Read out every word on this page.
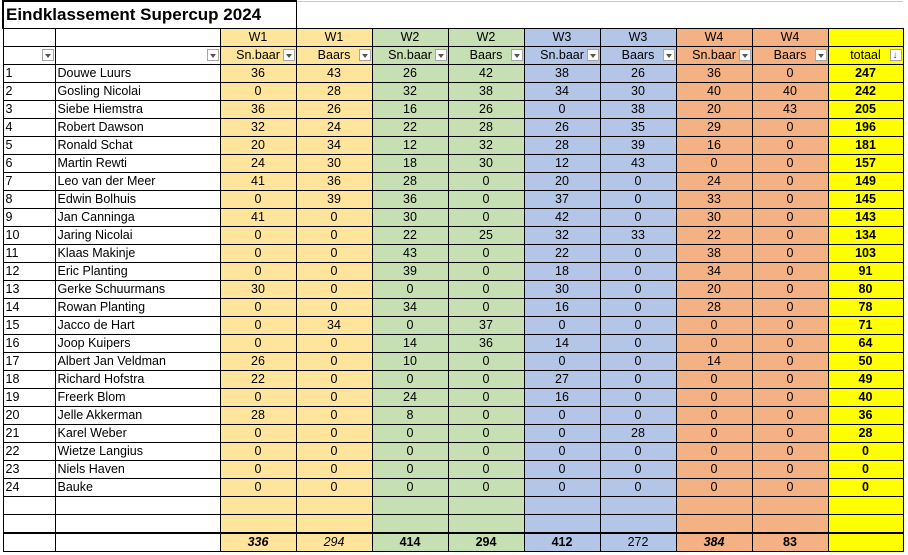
Eindklassement Supercup 2024										
		W1	W1	W2	W2	W3	W3	W4	W4	

	Sn.baar	Baars	Sn.baar	Baars	Sn.baar	Baars	Sn.baar	Baars	totaal
↓

1	Douwe Luurs	36	43	26	42	38	26	36	0	247
2	Gosling Nicolai	0	28	32	38	34	30	40	40	242
3	Siebe Hiemstra	36	26	16	26	0	38	20	43	205
4	Robert Dawson	32	24	22	28	26	35	29	0	196
5	Ronald Schat	20	34	12	32	28	39	16	0	181
6	Martin Rewti	24	30	18	30	12	43	0	0	157
7	Leo van der Meer	41	36	28	0	20	0	24	0	149
8	Edwin Bolhuis	0	39	36	0	37	0	33	0	145
9	Jan Canninga	41	0	30	0	42	0	30	0	143
10	Jaring Nicolai	0	0	22	25	32	33	22	0	134
11	Klaas Makinje	0	0	43	0	22	0	38	0	103
12	Eric Planting	0	0	39	0	18	0	34	0	91
13	Gerke Schuurmans	30	0	0	0	30	0	20	0	80
14	Rowan Planting	0	0	34	0	16	0	28	0	78
15	Jacco de Hart	0	34	0	37	0	0	0	0	71
16	Joop Kuipers	0	0	14	36	14	0	0	0	64
17	Albert Jan Veldman	26	0	10	0	0	0	14	0	50
18	Richard Hofstra	22	0	0	0	27	0	0	0	49
19	Freerk Blom	0	0	24	0	16	0	0	0	40
20	Jelle Akkerman	28	0	8	0	0	0	0	0	36
21	Karel Weber	0	0	0	0	0	28	0	0	28
22	Wietze Langius	0	0	0	0	0	0	0	0	0
23	Niels Haven	0	0	0	0	0	0	0	0	0
24	Bauke	0	0	0	0	0	0	0	0	0

		336	294	414	294	412	272	384	83	
